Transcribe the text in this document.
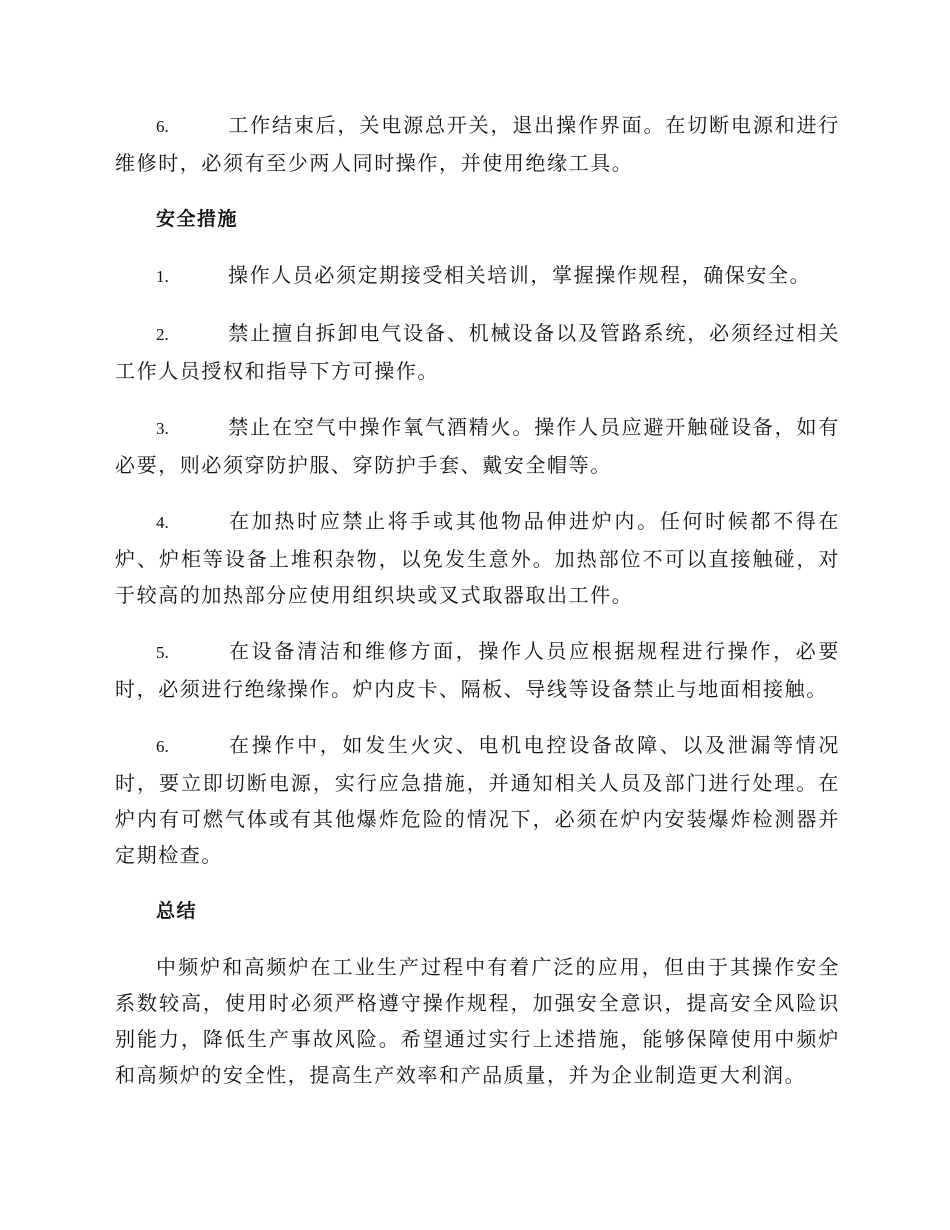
6.	工作结束后，关电源总开关，退出操作界面。在切断电源和进行维修时，必须有至少两人同时操作，并使用绝缘工具。

安全措施

1.	操作人员必须定期接受相关培训，掌握操作规程，确保安全。

2.	禁止擅自拆卸电气设备、机械设备以及管路系统，必须经过相关工作人员授权和指导下方可操作。

3.	禁止在空气中操作氧气酒精火。操作人员应避开触碰设备，如有必要，则必须穿防护服、穿防护手套、戴安全帽等。

4.	在加热时应禁止将手或其他物品伸进炉内。任何时候都不得在炉、炉柜等设备上堆积杂物，以免发生意外。加热部位不可以直接触碰，对于较高的加热部分应使用组织块或叉式取器取出工件。

5.	在设备清洁和维修方面，操作人员应根据规程进行操作，必要时，必须进行绝缘操作。炉内皮卡、隔板、导线等设备禁止与地面相接触。

6.	在操作中，如发生火灾、电机电控设备故障、以及泄漏等情况时，要立即切断电源，实行应急措施，并通知相关人员及部门进行处理。在炉内有可燃气体或有其他爆炸危险的情况下，必须在炉内安装爆炸检测器并定期检查。

总结

中频炉和高频炉在工业生产过程中有着广泛的应用，但由于其操作安全系数较高，使用时必须严格遵守操作规程，加强安全意识，提高安全风险识别能力，降低生产事故风险。希望通过实行上述措施，能够保障使用中频炉和高频炉的安全性，提高生产效率和产品质量，并为企业制造更大利润。
